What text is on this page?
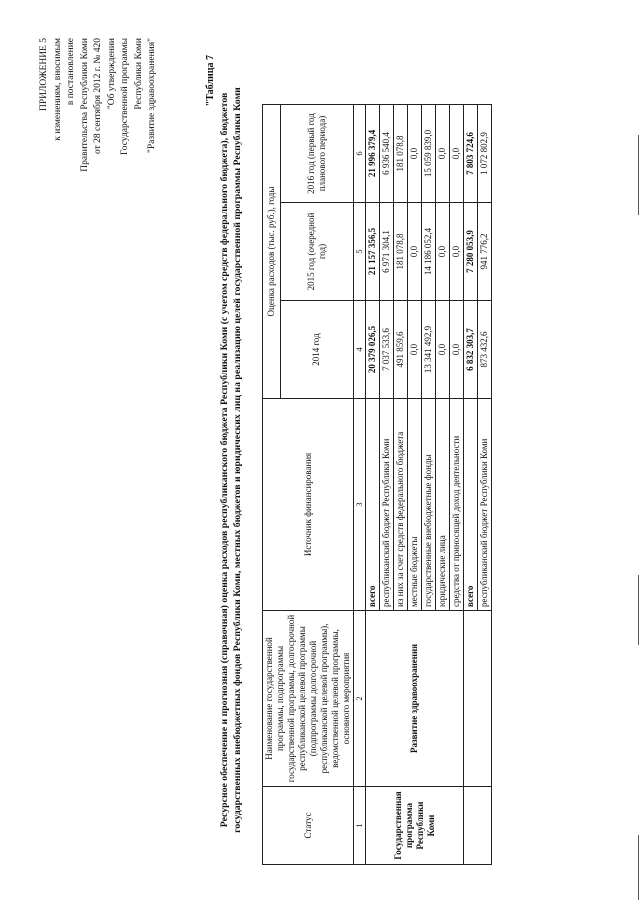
ПРИЛОЖЕНИЕ 5 к изменениям, вносимым в постановление Правительства Республики Коми от 28 сентября 2012 г. № 420 "Об утверждении Государственной программы Республики Коми "Развитие здравоохранения"	"Таблица 7
Ресурсное обеспечение и прогнозная (справочная) оценка расходов республиканского бюджета Республики Коми (с учетом средств федерального бюджета), бюджетов государственных внебюджетных фондов Республики Коми, местных бюджетов и юридических лиц на реализацию целей государственной программы Республики Коми	Статус	Наименование государственной программы, подпрограммы государственной программы, долгосрочной республиканской целевой программы (подпрограммы долгосрочной республиканской целевой программы), ведомственной целевой программы, основного мероприятия	Источник финансирования	Оценка расходов (тыс. руб.), годы		
			2014 год	2015 год (очередной год)	2016 год (первый год планового периода)
1	2	3	4	5	6
Государственная программа Республики Коми	Развитие здравоохранения	всего	20 379 026,5	21 157 356,5	21 996 379,4
		республиканский бюджет Республики Коми	7 037 533,6	6 971 304,1	6 936 540,4
		из них за счет средств федерального бюджета	491 859,6	181 078,8	181 078,8
		местные бюджеты	0,0	0,0	0,0
		государственные внебюджетные фонды	13 341 492,9	14 186 052,4	15 059 839,0
		юридические лица	0,0	0,0	0,0
		средства от приносящей доход деятельности	0,0	0,0	0,0
		всего	6 832 303,7	7 280 053,9	7 803 724,6
		республиканский бюджет Республики Коми	873 432,6	941 776,2	1 072 802,9
